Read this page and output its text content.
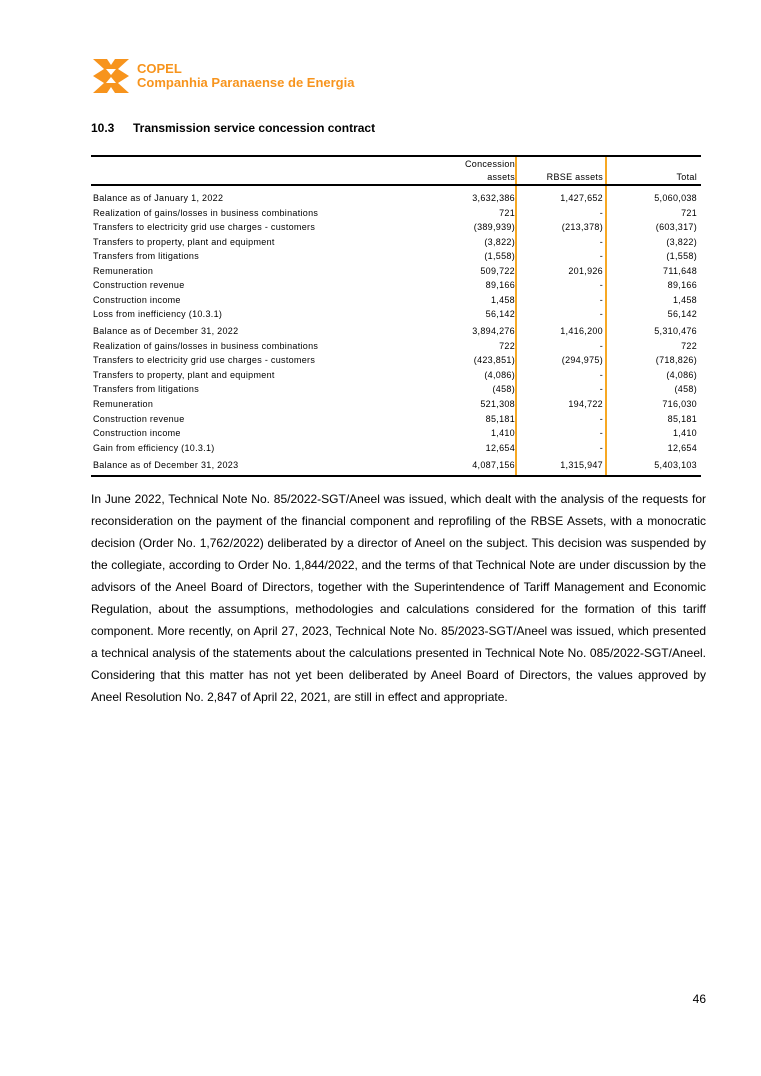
COPEL
Companhia Paranaense de Energia
10.3 Transmission service concession contract
Concession
assets	RBSE assets	Total
Balance as of January 1, 2022	3,632,386	1,427,652	5,060,038
Realization of gains/losses in business combinations	721	-	721
Transfers to electricity grid use charges - customers	(389,939)	(213,378)	(603,317)
Transfers to property, plant and equipment	(3,822)	-	(3,822)
Transfers from litigations	(1,558)	-	(1,558)
Remuneration	509,722	201,926	711,648
Construction revenue	89,166	-	89,166
Construction income	1,458	-	1,458
Loss from inefficiency (10.3.1)	56,142	-	56,142
Balance as of December 31, 2022	3,894,276	1,416,200	5,310,476
Realization of gains/losses in business combinations	722	-	722
Transfers to electricity grid use charges - customers	(423,851)	(294,975)	(718,826)
Transfers to property, plant and equipment	(4,086)	-	(4,086)
Transfers from litigations	(458)	-	(458)
Remuneration	521,308	194,722	716,030
Construction revenue	85,181	-	85,181
Construction income	1,410	-	1,410
Gain from efficiency (10.3.1)	12,654	-	12,654
Balance as of December 31, 2023	4,087,156	1,315,947	5,403,103
In June 2022, Technical Note No. 85/2022-SGT/Aneel was issued, which dealt with the analysis of the requests for reconsideration on the payment of the financial component and reprofiling of the RBSE Assets, with a monocratic decision (Order No. 1,762/2022) deliberated by a director of Aneel on the subject. This decision was suspended by the collegiate, according to Order No. 1,844/2022, and the terms of that Technical Note are under discussion by the advisors of the Aneel Board of Directors, together with the Superintendence of Tariff Management and Economic Regulation, about the assumptions, methodologies and calculations considered for the formation of this tariff component. More recently, on April 27, 2023, Technical Note No. 85/2023-SGT/Aneel was issued, which presented a technical analysis of the statements about the calculations presented in Technical Note No. 085/2022-SGT/Aneel. Considering that this matter has not yet been deliberated by Aneel Board of Directors, the values approved by Aneel Resolution No. 2,847 of April 22, 2021, are still in effect and appropriate.
46
